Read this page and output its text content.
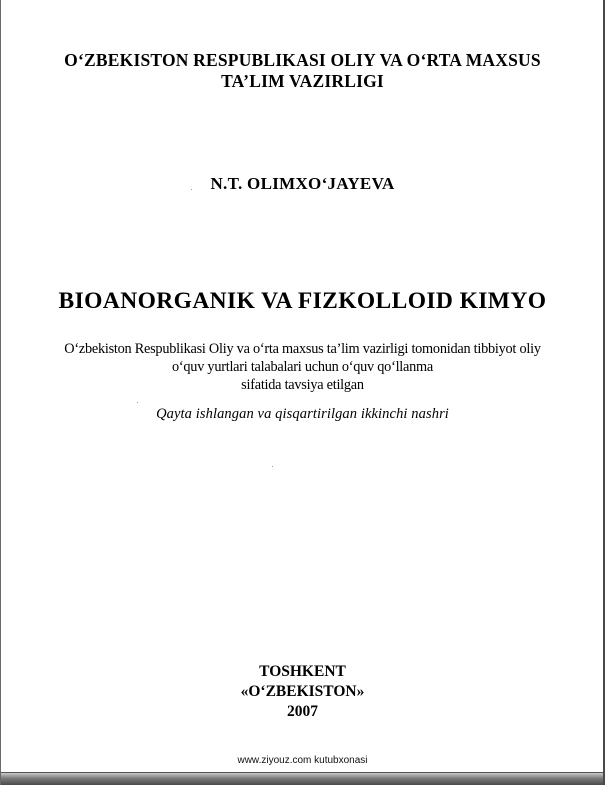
O‘ZBEKISTON RESPUBLIKASI OLIY VA O‘RTA MAXSUS
TA’LIM VAZIRLIGI
N.T. OLIMXO‘JAYEVA
BIOANORGANIK VA FIZKOLLOID KIMYO
O‘zbekiston Respublikasi Oliy va o‘rta maxsus ta’lim vazirligi tomonidan tibbiyot oliy
o‘quv yurtlari talabalari uchun o‘quv qo‘llanma
sifatida tavsiya etilgan
Qayta ishlangan va qisqartirilgan ikkinchi nashri
TOSHKENT
«O‘ZBEKISTON»
2007
www.ziyouz.com kutubxonasi
